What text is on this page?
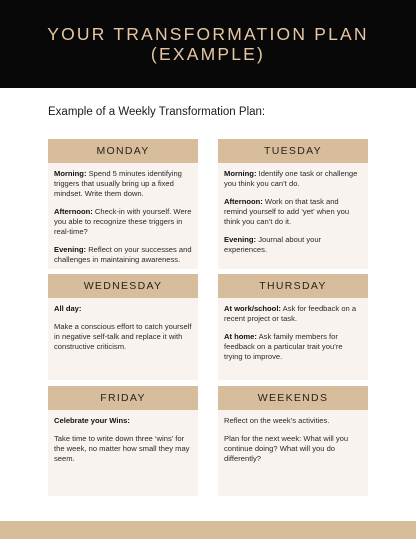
YOUR TRANSFORMATION PLAN
(EXAMPLE)
Example of a Weekly Transformation Plan:
MONDAY

Morning: Spend 5 minutes identifying triggers that usually bring up a fixed mindset. Write them down.

Afternoon: Check-in with yourself. Were you able to recognize these triggers in real-time?

Evening: Reflect on your successes and challenges in maintaining awareness.

TUESDAY

Morning: Identify one task or challenge you think you can’t do.

Afternoon: Work on that task and remind yourself to add ‘yet’ when you think you can’t do it.

Evening: Journal about your experiences.

WEDNESDAY

All day:

Make a conscious effort to catch yourself in negative self-talk and replace it with constructive criticism.

THURSDAY

At work/school: Ask for feedback on a recent project or task.

At home: Ask family members for feedback on a particular trait you’re trying to improve.

FRIDAY

Celebrate your Wins:

Take time to write down three ‘wins’ for the week, no matter how small they may seem.

WEEKENDS

Reflect on the week’s activities.

Plan for the next week: What will you continue doing? What will you do differently?
